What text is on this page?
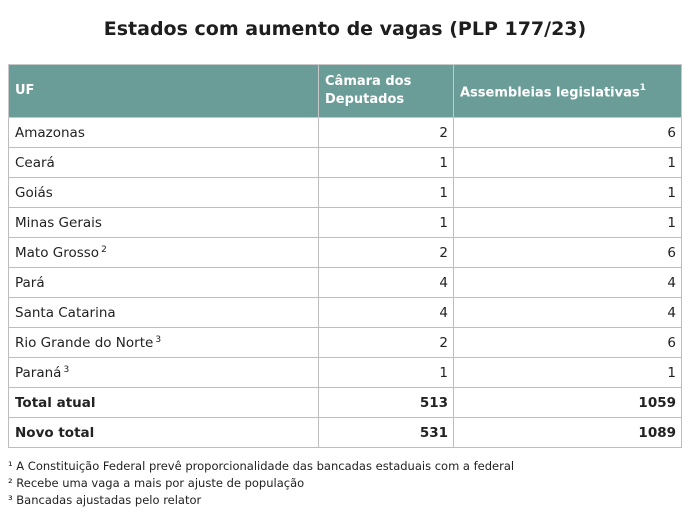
Estados com aumento de vagas (PLP 177/23)
UF	Câmara dos Deputados	Assembleias legislativas$^1$
Amazonas	2	6
Ceará	1	1
Goiás	1	1
Minas Gerais	1	1
Mato Grosso $^2$	2	6
Pará	4	4
Santa Catarina	4	4
Rio Grande do Norte $^3$	2	6
Paraná $^3$	1	1
Total atual	513	1059
Novo total	531	1089
¹ A Constituição Federal prevê proporcionalidade das bancadas estaduais com a federal
² Recebe uma vaga a mais por ajuste de população
³ Bancadas ajustadas pelo relator
